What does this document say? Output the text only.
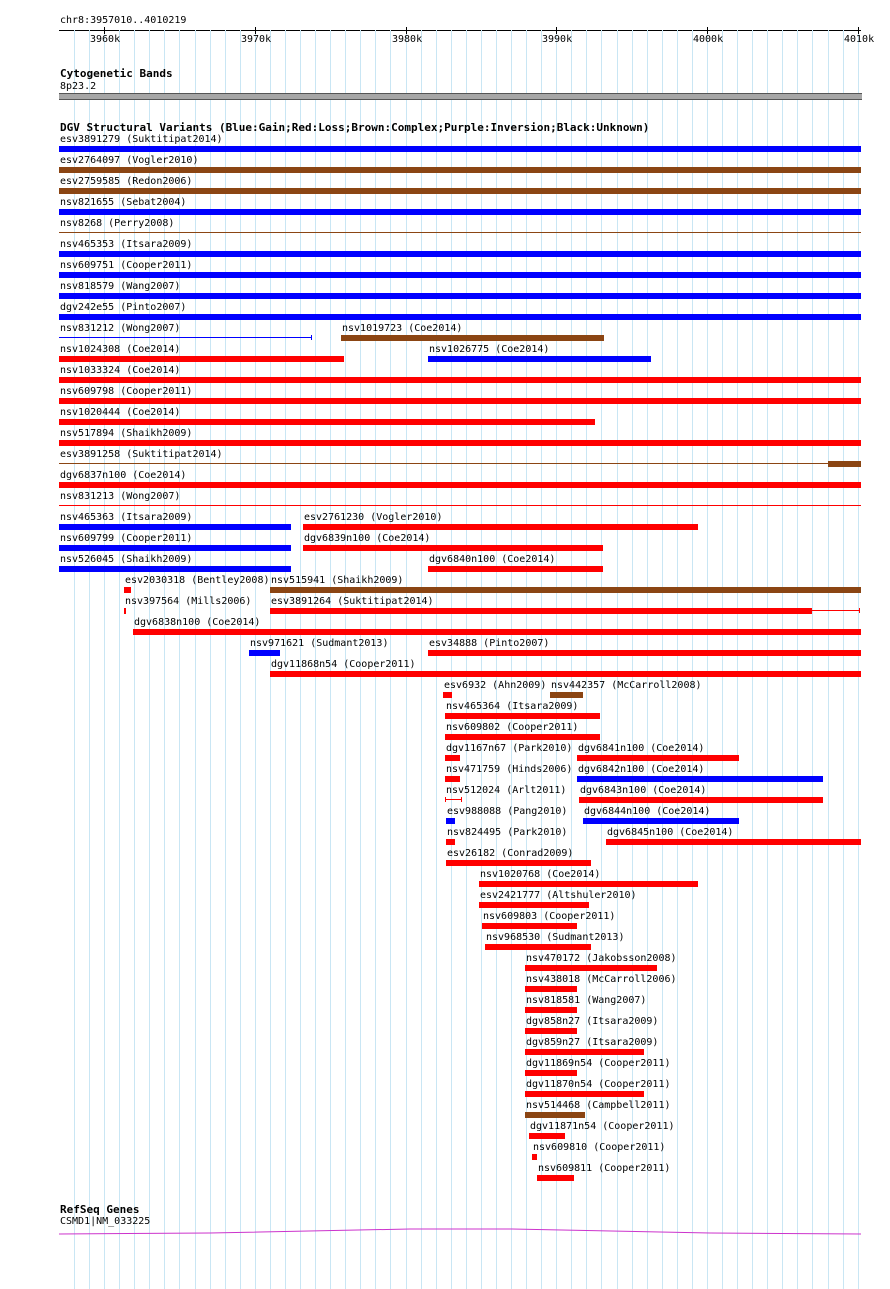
chr8:3957010..4010219
3960k	3970k	3980k	3990k	4000k	4010k
Cytogenetic Bands
8p23.2
DGV Structural Variants (Blue:Gain;Red:Loss;Brown:Complex;Purple:Inversion;Black:Unknown)
esv3891279 (Suktitipat2014)
esv2764097 (Vogler2010)
esv2759585 (Redon2006)
nsv821655 (Sebat2004)
nsv8268 (Perry2008)
nsv465353 (Itsara2009)
nsv609751 (Cooper2011)
nsv818579 (Wang2007)
dgv242e55 (Pinto2007)
nsv831212 (Wong2007)	nsv1019723 (Coe2014)
nsv1024308 (Coe2014)	nsv1026775 (Coe2014)
nsv1033324 (Coe2014)
nsv609798 (Cooper2011)
nsv1020444 (Coe2014)
nsv517894 (Shaikh2009)
esv3891258 (Suktitipat2014)
dgv6837n100 (Coe2014)
nsv831213 (Wong2007)
nsv465363 (Itsara2009)	esv2761230 (Vogler2010)
nsv609799 (Cooper2011)	dgv6839n100 (Coe2014)
nsv526045 (Shaikh2009)	dgv6840n100 (Coe2014)
esv2030318 (Bentley2008) nsv515941 (Shaikh2009)
nsv397564 (Mills2006) esv3891264 (Suktitipat2014)
dgv6838n100 (Coe2014)
nsv971621 (Sudmant2013)	esv34888 (Pinto2007)
dgv11868n54 (Cooper2011)
esv6932 (Ahn2009) nsv442357 (McCarroll2008)
nsv465364 (Itsara2009)
nsv609802 (Cooper2011)
dgv1167n67 (Park2010) dgv6841n100 (Coe2014)
nsv471759 (Hinds2006) dgv6842n100 (Coe2014)
nsv512024 (Arlt2011) dgv6843n100 (Coe2014)
esv988088 (Pang2010) dgv6844n100 (Coe2014)
nsv824495 (Park2010)	dgv6845n100 (Coe2014)
esv26182 (Conrad2009)
nsv1020768 (Coe2014)
esv2421777 (Altshuler2010)
nsv609803 (Cooper2011)
nsv968530 (Sudmant2013)
nsv470172 (Jakobsson2008)
nsv438018 (McCarroll2006)
nsv818581 (Wang2007)
dgv858n27 (Itsara2009)
dgv859n27 (Itsara2009)
dgv11869n54 (Cooper2011)
dgv11870n54 (Cooper2011)
nsv514468 (Campbell2011)
dgv11871n54 (Cooper2011)
nsv609810 (Cooper2011)
nsv609811 (Cooper2011)
RefSeq Genes
CSMD1|NM_033225
